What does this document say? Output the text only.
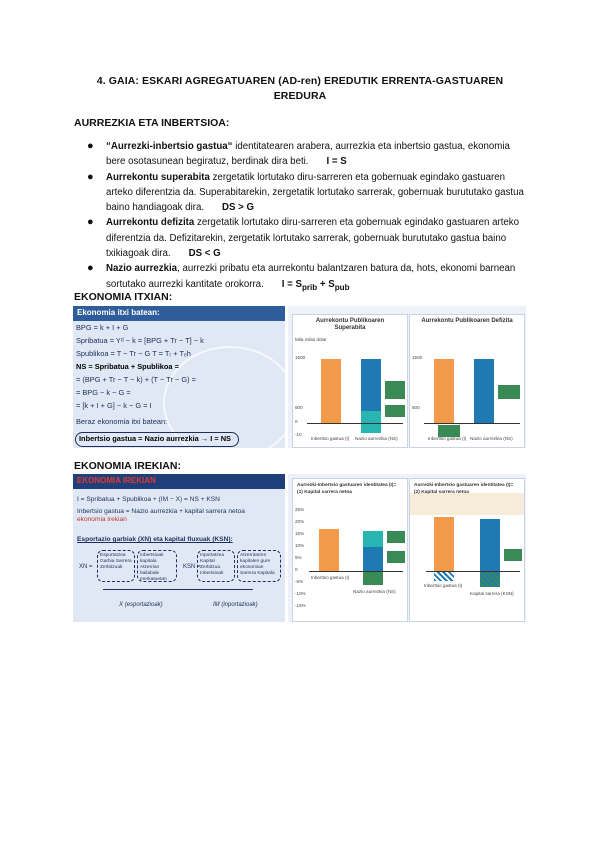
4. GAIA: ESKARI AGREGATUAREN (AD-ren) EREDUTIK ERRENTA-GASTUAREN
EREDURA
AURREZKIA ETA INBERTSIOA:
● “Aurrezki-inbertsio gastua“ identitatearen arabera, aurrezkia eta inbertsio gastua, ekonomia bere osotasunean begiratuz, berdinak dira beti. I = S
● Aurrekontu superabita zergetatik lortutako diru-sarreren eta gobernuak egindako gastuaren arteko diferentzia da. Superabitarekin, zergetatik lortutako sarrerak, gobernuak burututako gastua baino handiagoak dira. DS > G
● Aurrekontu defizita zergetatik lortutako diru-sarreren eta gobernuak egindako gastuaren arteko diferentzia da. Defizitarekin, zergetatik lortutako sarrerak, gobernuak burututako gastua baino txikiagoak dira. DS < G
● Nazio aurrezkia, aurrezki pribatu eta aurrekontu balantzaren batura da, hots, ekonomi barnean sortutako aurrezki kantitate orokorra. $I = S_{prib} + S_{pub}$
EKONOMIA ITXIAN:
Ekonomia itxi batean:
BPG = k + I + G
Spribatua = Yᵈ − k = [BPG + Tr − T] − k
Spublikoa = T − Tr − G T = Tᵣ + Tₑh
NS = Spribatua + Spublikoa =
= (BPG + Tr − T − k) + (T − Tr − G) =
= BPG − k − G =
= [k + I + G] − k − G = I
Beraz ekonomia itxi batean:
Inbertsio gastua = Nazio aurrezkia → I = NS
Aurrekontu Publikoaren Superabita
Mila milioi dolar
1500
500
0
-10
Inbertsio gastua (I) Nazio aurrezkia (NS)
Aurrekontu Publikoaren Defizita
1500
500
Inbertsio gastua (I) Nazio aurrezkia (NS)
EKONOMIA IREKIAN:
EKONOMIA IREKIAN
I = Spribatua + Spublikoa + (IM − X) = NS + KSN
Inbertsio gastua = Nazio aurrezkia + kapital sarrera netoa
ekonomia irekian
Esportazio garbiak (XN) eta kapital fluxuak (KSN):
XN =
Esportatzea Garbia Sarrera Zerbitzuak
Inbertsioak kapitala Atzerrian baliabide merkatuetan
KSN =
Inportatzea Kapital Zerbitzua Inbertsioak
Atzerritarren kapitalen gure ekonomian Sarrera Kapitala
X (esportazioak)	IM (inportazioak)
Aurrezki-Inbertsio gastuaren identitatea (I)= (1) Kapital sarrera netoa
25%
20%
15%
10%
5%
0
-5%
-10%
-15%
Inbertsio gastua (I)
Nazio aurrezkia (NS)
Aurrezki-Inbertsio gastuaren identitatea (I)= (2) Kapital sarrera netoa
Inbertsio gastua (I)
Kapital sarrera (KSN)
